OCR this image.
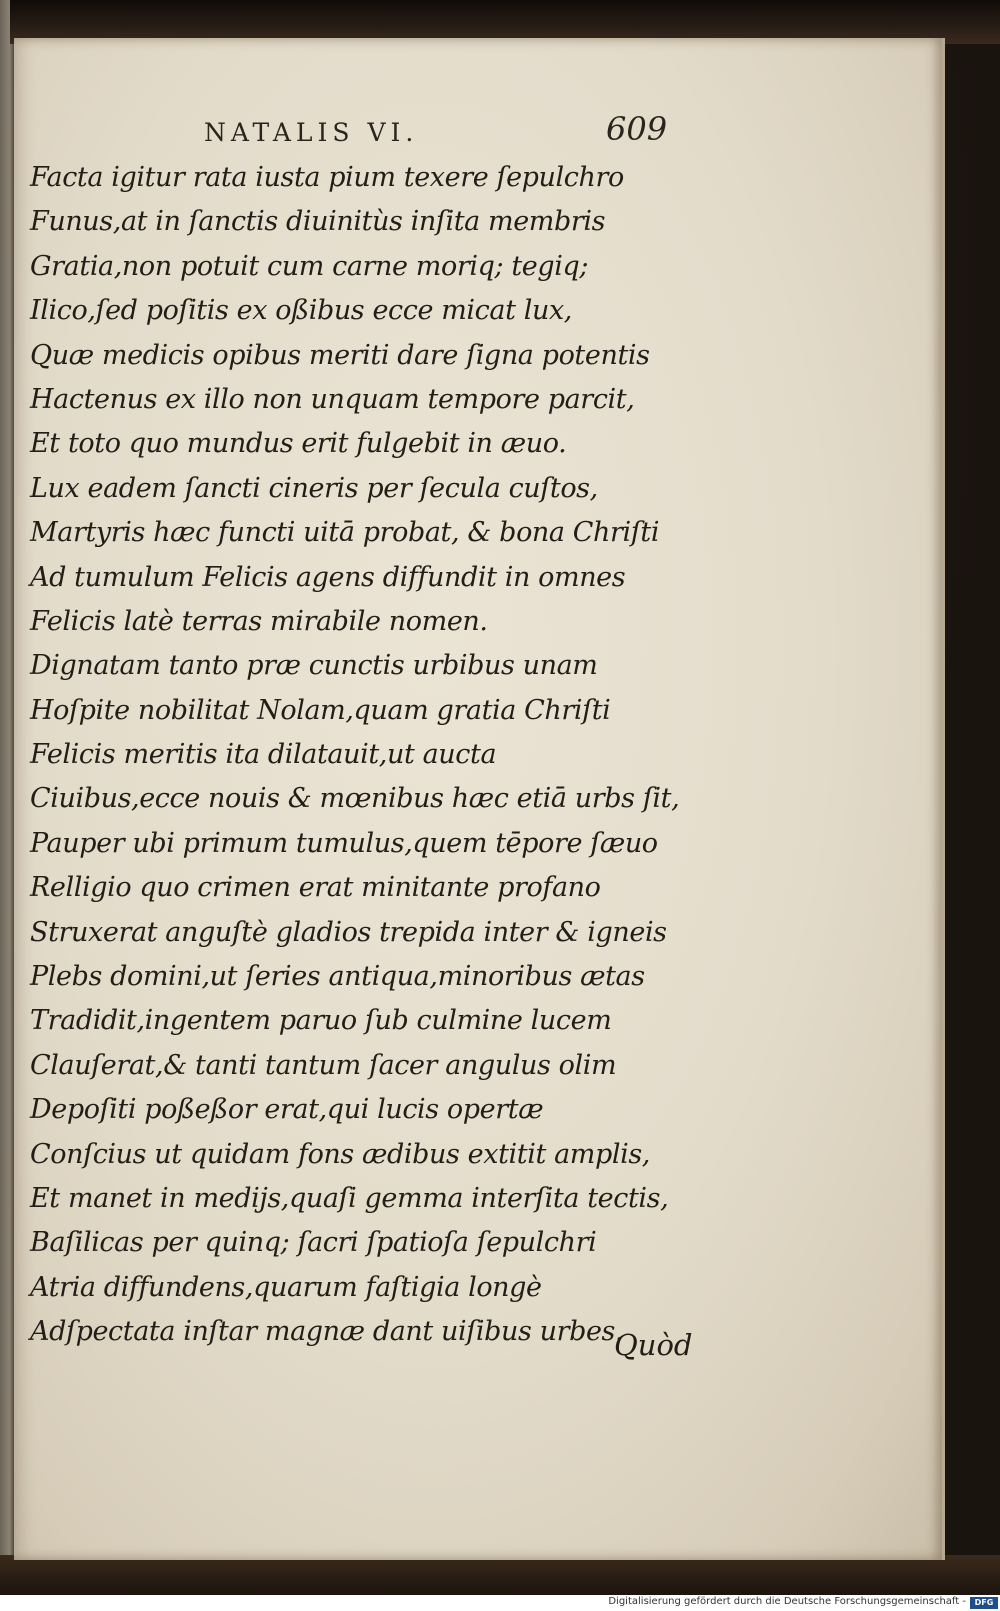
NATALIS VI.	609
Facta igitur rata iusta pium texere ſepulchro
Funus,at in ſanctis diuinitùs inſita membris
Gratia,non potuit cum carne moriq; tegiq;
Ilico,ſed poſitis ex oßibus ecce micat lux,
Quæ medicis opibus meriti dare ſigna potentis
Hactenus ex illo non unquam tempore parcit,
Et toto quo mundus erit fulgebit in æuo.
Lux eadem ſancti cineris per ſecula cuſtos,
Martyris hæc functi uitā probat, & bona Chriſti
Ad tumulum Felicis agens diffundit in omnes
Felicis latè terras mirabile nomen.
Dignatam tanto præ cunctis urbibus unam
Hoſpite nobilitat Nolam,quam gratia Chriſti
Felicis meritis ita dilatauit,ut aucta
Ciuibus,ecce nouis & mœnibus hæc etiā urbs ſit,
Pauper ubi primum tumulus,quem tēpore ſæuo
Relligio quo crimen erat minitante profano
Struxerat anguſtè gladios trepida inter & igneis
Plebs domini,ut ſeries antiqua,minoribus ætas
Tradidit,ingentem paruo ſub culmine lucem
Clauſerat,& tanti tantum ſacer angulus olim
Depoſiti poßeßor erat,qui lucis opertæ
Conſcius ut quidam fons ædibus extitit amplis,
Et manet in medijs,quaſi gemma interſita tectis,
Baſilicas per quinq; ſacri ſpatioſa ſepulchri
Atria diffundens,quarum faſtigia longè
Adſpectata inſtar magnæ dant uiſibus urbes.
Quòd
Digitalisierung gefördert durch die Deutsche Forschungsgemeinschaft -	DFG
